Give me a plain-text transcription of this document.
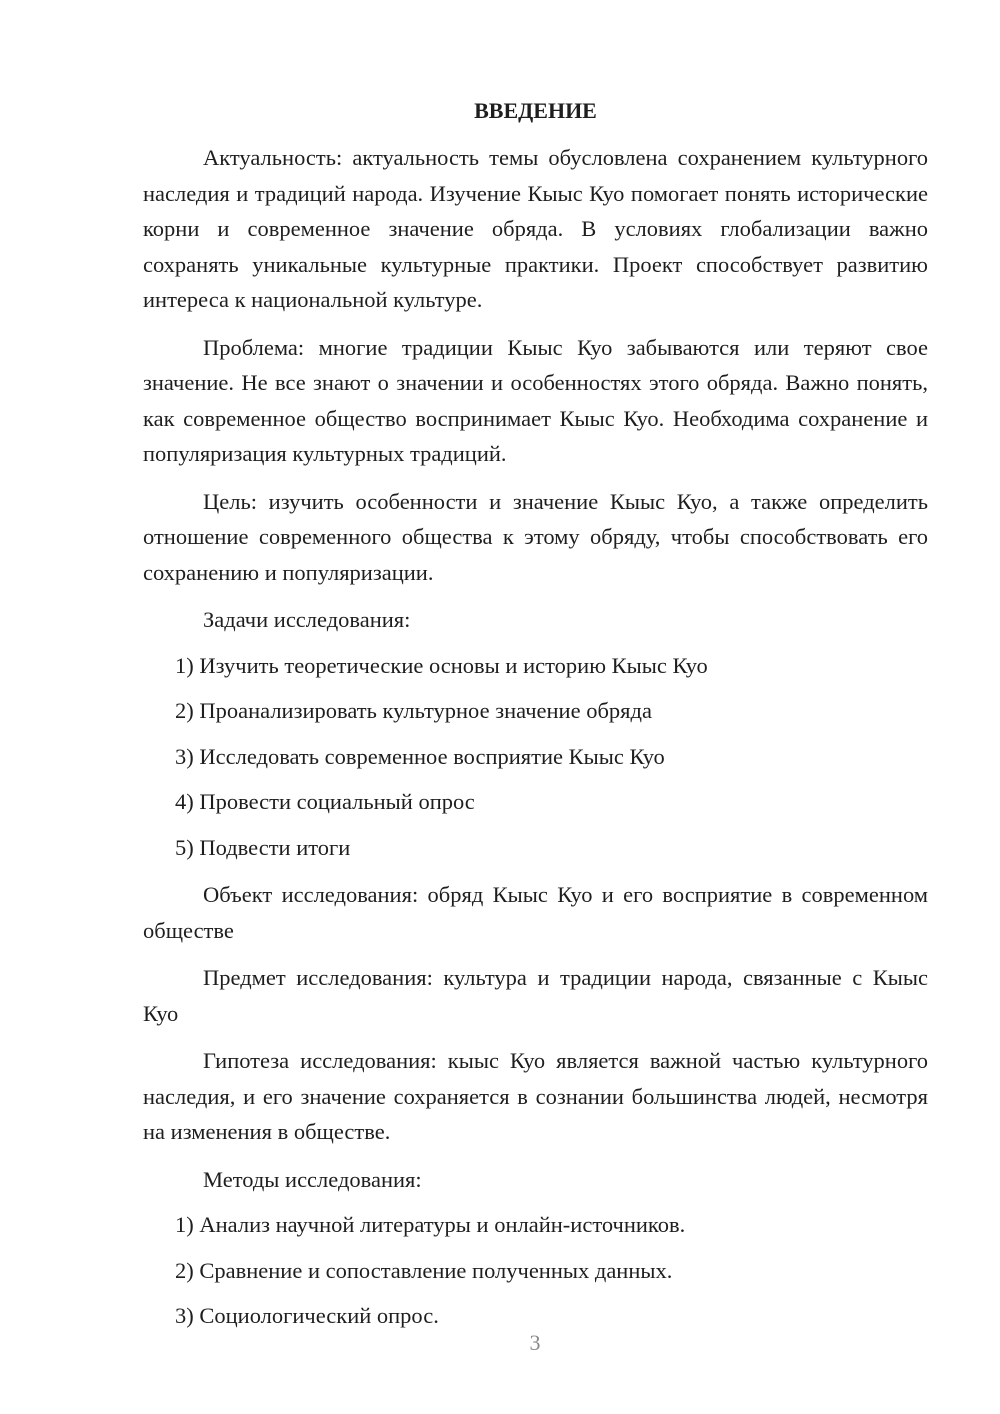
ВВЕДЕНИЕ

Актуальность: актуальность темы обусловлена сохранением культурного наследия и традиций народа. Изучение Кыыс Куо помогает понять исторические корни и современное значение обряда. В условиях глобализации важно сохранять уникальные культурные практики. Проект способствует развитию интереса к национальной культуре.

Проблема: многие традиции Кыыс Куо забываются или теряют свое значение. Не все знают о значении и особенностях этого обряда. Важно понять, как современное общество воспринимает Кыыс Куо. Необходима сохранение и популяризация культурных традиций.

Цель: изучить особенности и значение Кыыс Куо, а также определить отношение современного общества к этому обряду, чтобы способствовать его сохранению и популяризации.

Задачи исследования:

1) Изучить теоретические основы и историю Кыыс Куо

2) Проанализировать культурное значение обряда

3) Исследовать современное восприятие Кыыс Куо

4) Провести социальный опрос

5) Подвести итоги

Объект исследования: обряд Кыыс Куо и его восприятие в современном обществе

Предмет исследования: культура и традиции народа, связанные с Кыыс Куо

Гипотеза исследования: кыыс Куо является важной частью культурного наследия, и его значение сохраняется в сознании большинства людей, несмотря на изменения в обществе.

Методы исследования:

1) Анализ научной литературы и онлайн-источников.

2) Сравнение и сопоставление полученных данных.

3) Социологический опрос.

3
